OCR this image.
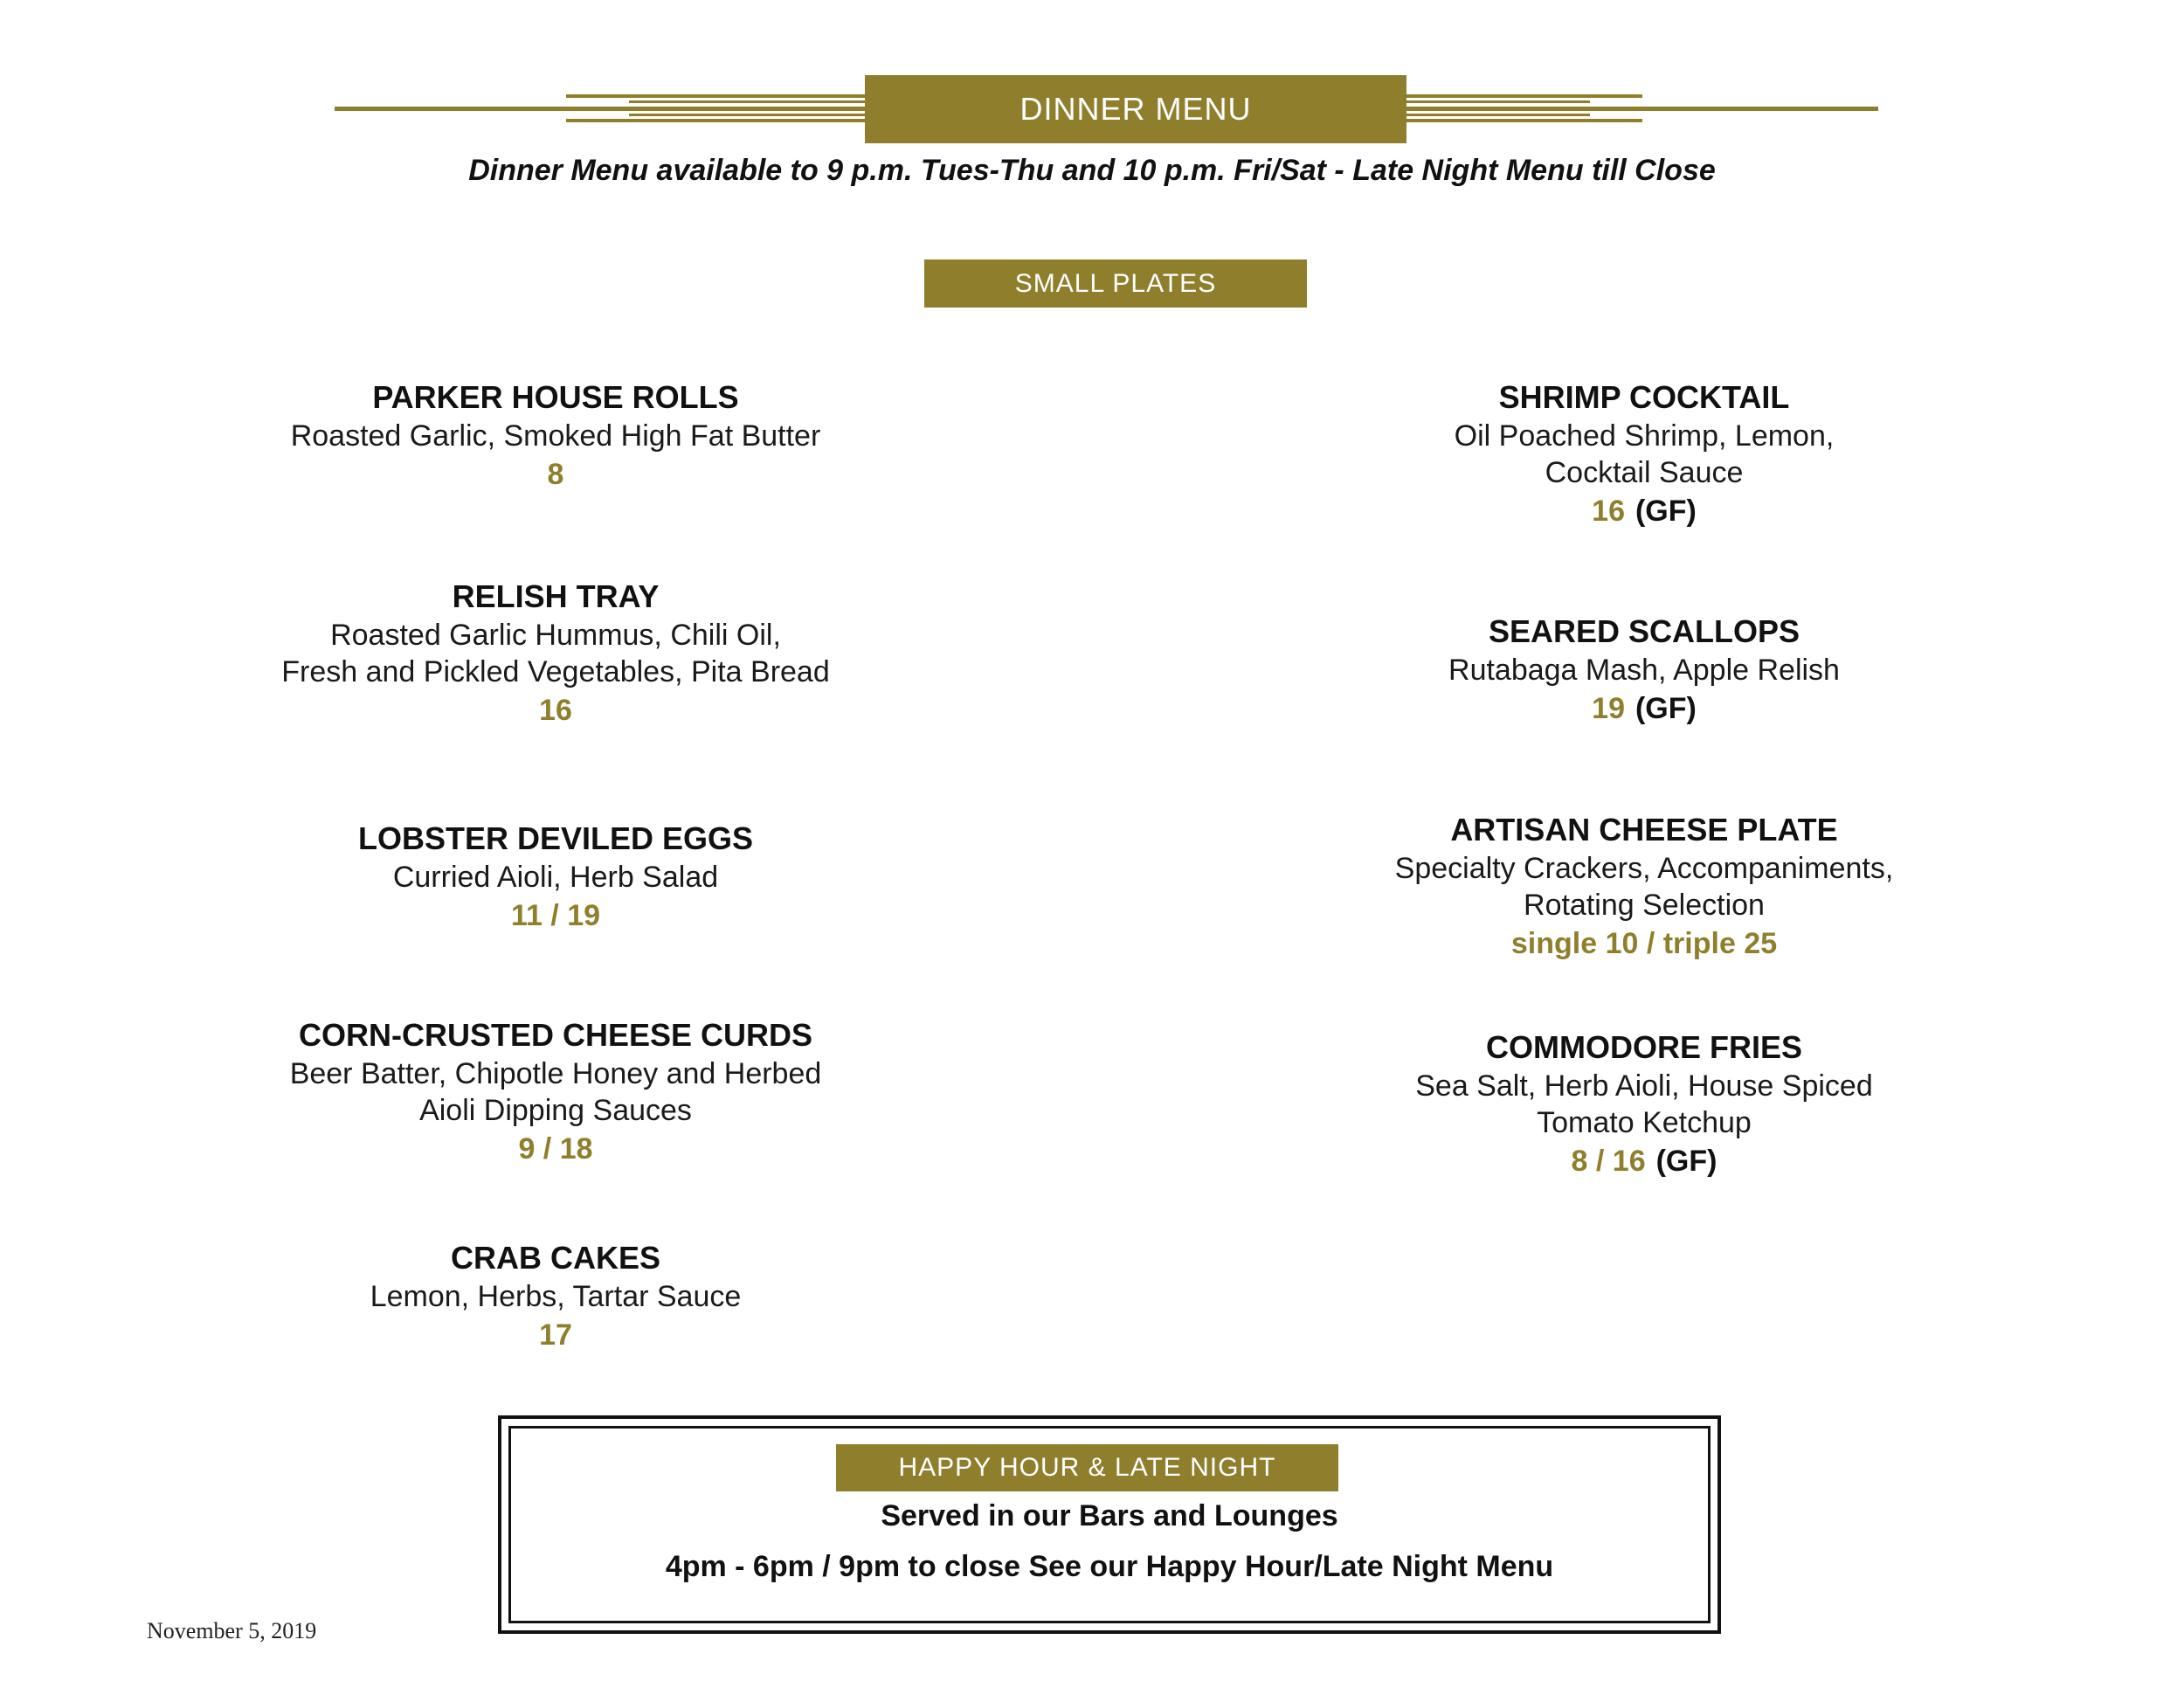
DINNER MENU
Dinner Menu available to 9 p.m. Tues-Thu and 10 p.m. Fri/Sat - Late Night Menu till Close
SMALL PLATES
PARKER HOUSE ROLLS
Roasted Garlic, Smoked High Fat Butter
8
RELISH TRAY
Roasted Garlic Hummus, Chili Oil,
Fresh and Pickled Vegetables, Pita Bread
16
LOBSTER DEVILED EGGS
Curried Aioli, Herb Salad
11 / 19
CORN-CRUSTED CHEESE CURDS
Beer Batter, Chipotle Honey and Herbed
Aioli Dipping Sauces
9 / 18
CRAB CAKES
Lemon, Herbs, Tartar Sauce
17
SHRIMP COCKTAIL
Oil Poached Shrimp, Lemon,
Cocktail Sauce
16 (GF)
SEARED SCALLOPS
Rutabaga Mash, Apple Relish
19 (GF)
ARTISAN CHEESE PLATE
Specialty Crackers, Accompaniments,
Rotating Selection
single 10 / triple 25
COMMODORE FRIES
Sea Salt, Herb Aioli, House Spiced
Tomato Ketchup
8 / 16 (GF)
HAPPY HOUR & LATE NIGHT
Served in our Bars and Lounges
4pm - 6pm / 9pm to close See our Happy Hour/Late Night Menu
November 5, 2019
